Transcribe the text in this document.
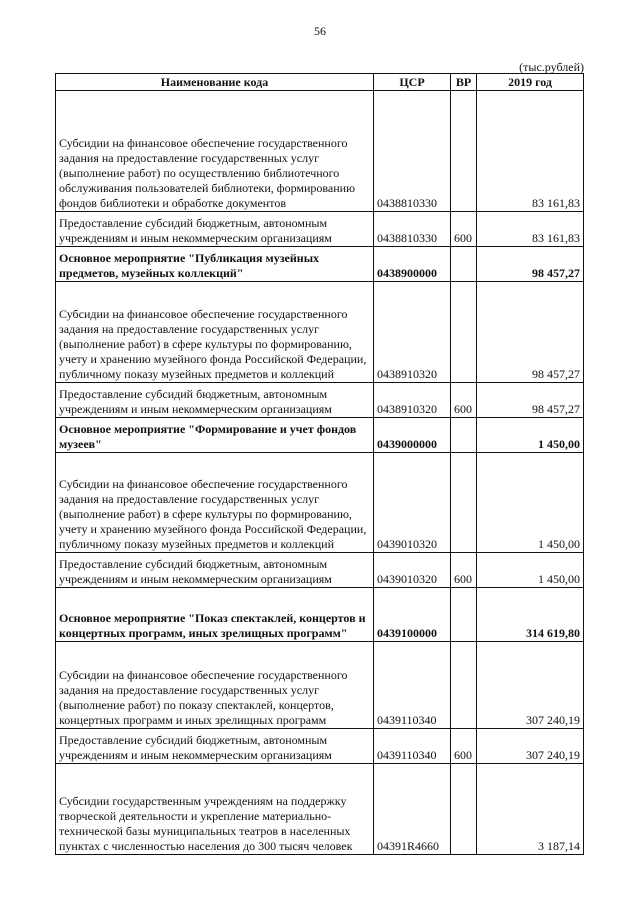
56
(тыс.рублей)
Наименование кода	ЦСР	ВР	2019 год
Субсидии на финансовое обеспечение государственного задания на предоставление государственных услуг (выполнение работ) по осуществлению библиотечного обслуживания пользователей библиотеки, формированию фондов библиотеки и обработке документов	0438810330		83 161,83
Предоставление субсидий бюджетным, автономным учреждениям и иным некоммерческим организациям	0438810330	600	83 161,83
Основное мероприятие "Публикация музейных предметов, музейных коллекций"	0438900000		98 457,27
Субсидии на финансовое обеспечение государственного задания на предоставление государственных услуг (выполнение работ) в сфере культуры по формированию, учету и хранению музейного фонда Российской Федерации, публичному показу музейных предметов и коллекций	0438910320		98 457,27
Предоставление субсидий бюджетным, автономным учреждениям и иным некоммерческим организациям	0438910320	600	98 457,27
Основное мероприятие "Формирование и учет фондов музеев"	0439000000		1 450,00
Субсидии на финансовое обеспечение государственного задания на предоставление государственных услуг (выполнение работ) в сфере культуры по формированию, учету и хранению музейного фонда Российской Федерации, публичному показу музейных предметов и коллекций	0439010320		1 450,00
Предоставление субсидий бюджетным, автономным учреждениям и иным некоммерческим организациям	0439010320	600	1 450,00
Основное мероприятие "Показ спектаклей, концертов и концертных программ, иных зрелищных программ"	0439100000		314 619,80
Субсидии на финансовое обеспечение государственного задания на предоставление государственных услуг (выполнение работ) по показу спектаклей, концертов, концертных программ и иных зрелищных программ	0439110340		307 240,19
Предоставление субсидий бюджетным, автономным учреждениям и иным некоммерческим организациям	0439110340	600	307 240,19
Субсидии государственным учреждениям на поддержку творческой деятельности и укрепление материально-технической базы муниципальных театров в населенных пунктах с численностью населения до 300 тысяч человек	04391R4660		3 187,14
